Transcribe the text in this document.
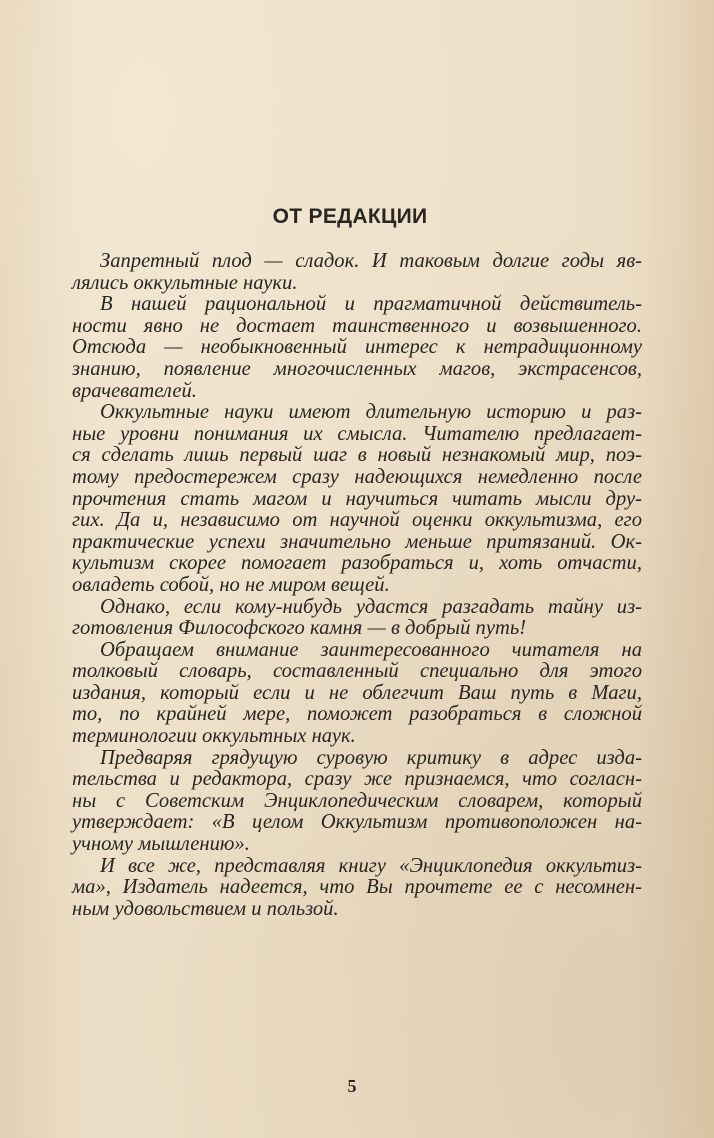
ОТ РЕДАКЦИИ

Запретный плод — сладок. И таковым долгие годы яв-
лялись оккультные науки.

В нашей рациональной и прагматичной действитель-
ности явно не достает таинственного и возвышенного.
Отсюда — необыкновенный интерес к нетрадиционному
знанию, появление многочисленных магов, экстрасенсов,
врачевателей.

Оккультные науки имеют длительную историю и раз-
ные уровни понимания их смысла. Читателю предлагает-
ся сделать лишь первый шаг в новый незнакомый мир, поэ-
тому предостережем сразу надеющихся немедленно после
прочтения стать магом и научиться читать мысли дру-
гих. Да и, независимо от научной оценки оккультизма, его
практические успехи значительно меньше притязаний. Ок-
культизм скорее помогает разобраться и, хоть отчасти,
овладеть собой, но не миром вещей.

Однако, если кому-нибудь удастся разгадать тайну из-
готовления Философского камня — в добрый путь!

Обращаем внимание заинтересованного читателя на
толковый словарь, составленный специально для этого
издания, который если и не облегчит Ваш путь в Маги,
то, по крайней мере, поможет разобраться в сложной
терминологии оккультных наук.

Предваряя грядущую суровую критику в адрес изда-
тельства и редактора, сразу же признаемся, что согласн-
ны с Советским Энциклопедическим словарем, который
утверждает: «В целом Оккультизм противоположен на-
учному мышлению».

И все же, представляя книгу «Энциклопедия оккультиз-
ма», Издатель надеется, что Вы прочтете ее с несомнен-
ным удовольствием и пользой.

5
